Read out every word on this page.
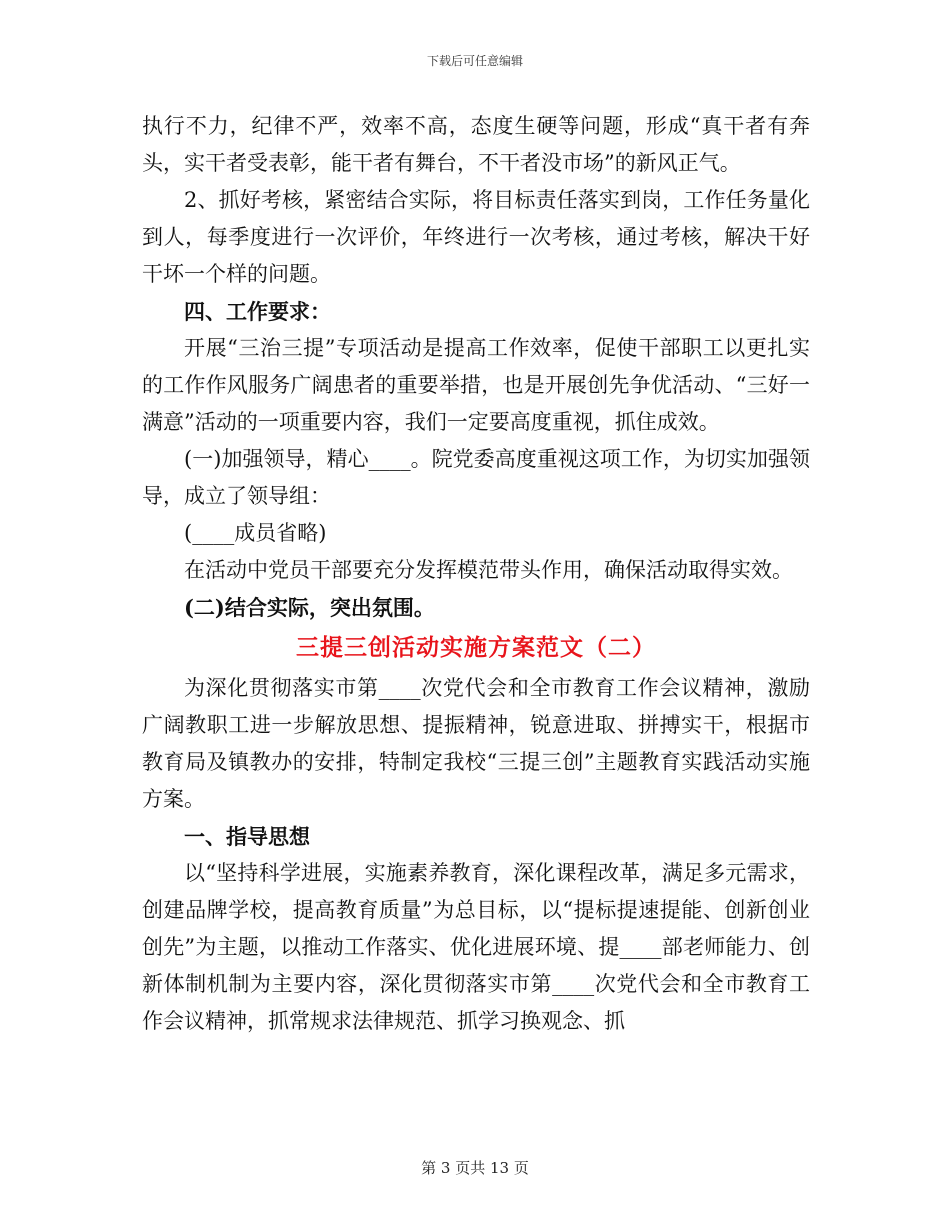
下载后可任意编辑

执行不力，纪律不严，效率不高，态度生硬等问题，形成“真干者有奔头，实干者受表彰，能干者有舞台，不干者没市场”的新风正气。

2、抓好考核，紧密结合实际，将目标责任落实到岗，工作任务量化到人，每季度进行一次评价，年终进行一次考核，通过考核，解决干好干坏一个样的问题。

四、工作要求：

开展“三治三提”专项活动是提高工作效率，促使干部职工以更扎实的工作作风服务广阔患者的重要举措，也是开展创先争优活动、“三好一满意”活动的一项重要内容，我们一定要高度重视，抓住成效。

(一)加强领导，精心____。院党委高度重视这项工作，为切实加强领导，成立了领导组：

(____成员省略)

在活动中党员干部要充分发挥模范带头作用，确保活动取得实效。

(二)结合实际，突出氛围。

三提三创活动实施方案范文（二）

为深化贯彻落实市第____次党代会和全市教育工作会议精神，激励广阔教职工进一步解放思想、提振精神，锐意进取、拼搏实干，根据市教育局及镇教办的安排，特制定我校“三提三创”主题教育实践活动实施方案。

一、指导思想

以“坚持科学进展，实施素养教育，深化课程改革，满足多元需求，创建品牌学校，提高教育质量”为总目标，以“提标提速提能、创新创业创先”为主题，以推动工作落实、优化进展环境、提____部老师能力、创新体制机制为主要内容，深化贯彻落实市第____次党代会和全市教育工作会议精神，抓常规求法律规范、抓学习换观念、抓

第 3 页共 13 页
